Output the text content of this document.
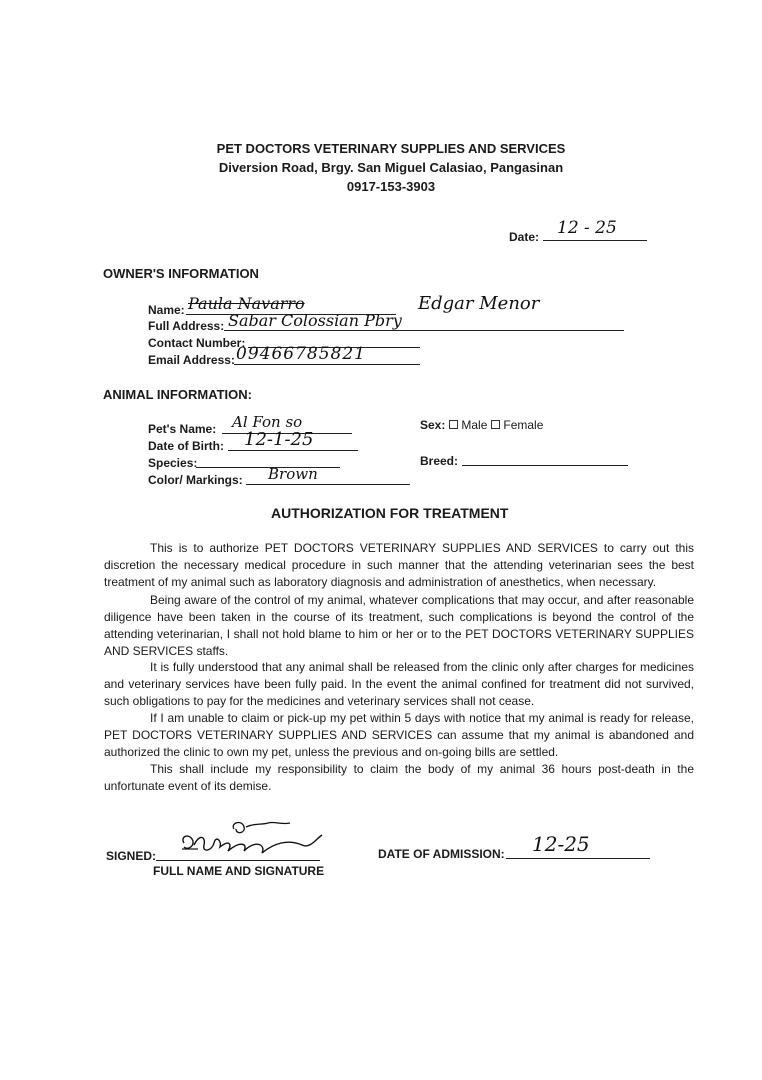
PET DOCTORS VETERINARY SUPPLIES AND SERVICES
Diversion Road, Brgy. San Miguel Calasiao, Pangasinan
0917-153-3903
Date: 12 - 25
OWNER'S INFORMATION
Name: Paula Navarro	Edgar Menor
Full Address: Sabar Colossian Pbry
Contact Number:
Email Address: 09466785821
ANIMAL INFORMATION:
Pet's Name: Al Fon so
Date of Birth: 12-1-25
Species:
Color/ Markings: Brown
Sex: Male Female
Breed:
AUTHORIZATION FOR TREATMENT
This is to authorize PET DOCTORS VETERINARY SUPPLIES AND SERVICES to carry out this discretion the necessary medical procedure in such manner that the attending veterinarian sees the best treatment of my animal such as laboratory diagnosis and administration of anesthetics, when necessary.
Being aware of the control of my animal, whatever complications that may occur, and after reasonable diligence have been taken in the course of its treatment, such complications is beyond the control of the attending veterinarian, I shall not hold blame to him or her or to the PET DOCTORS VETERINARY SUPPLIES AND SERVICES staffs.
It is fully understood that any animal shall be released from the clinic only after charges for medicines and veterinary services have been fully paid. In the event the animal confined for treatment did not survived, such obligations to pay for the medicines and veterinary services shall not cease.
If I am unable to claim or pick-up my pet within 5 days with notice that my animal is ready for release, PET DOCTORS VETERINARY SUPPLIES AND SERVICES can assume that my animal is abandoned and authorized the clinic to own my pet, unless the previous and on-going bills are settled.
This shall include my responsibility to claim the body of my animal 36 hours post-death in the unfortunate event of its demise.
SIGNED:
FULL NAME AND SIGNATURE
DATE OF ADMISSION: 12-25
